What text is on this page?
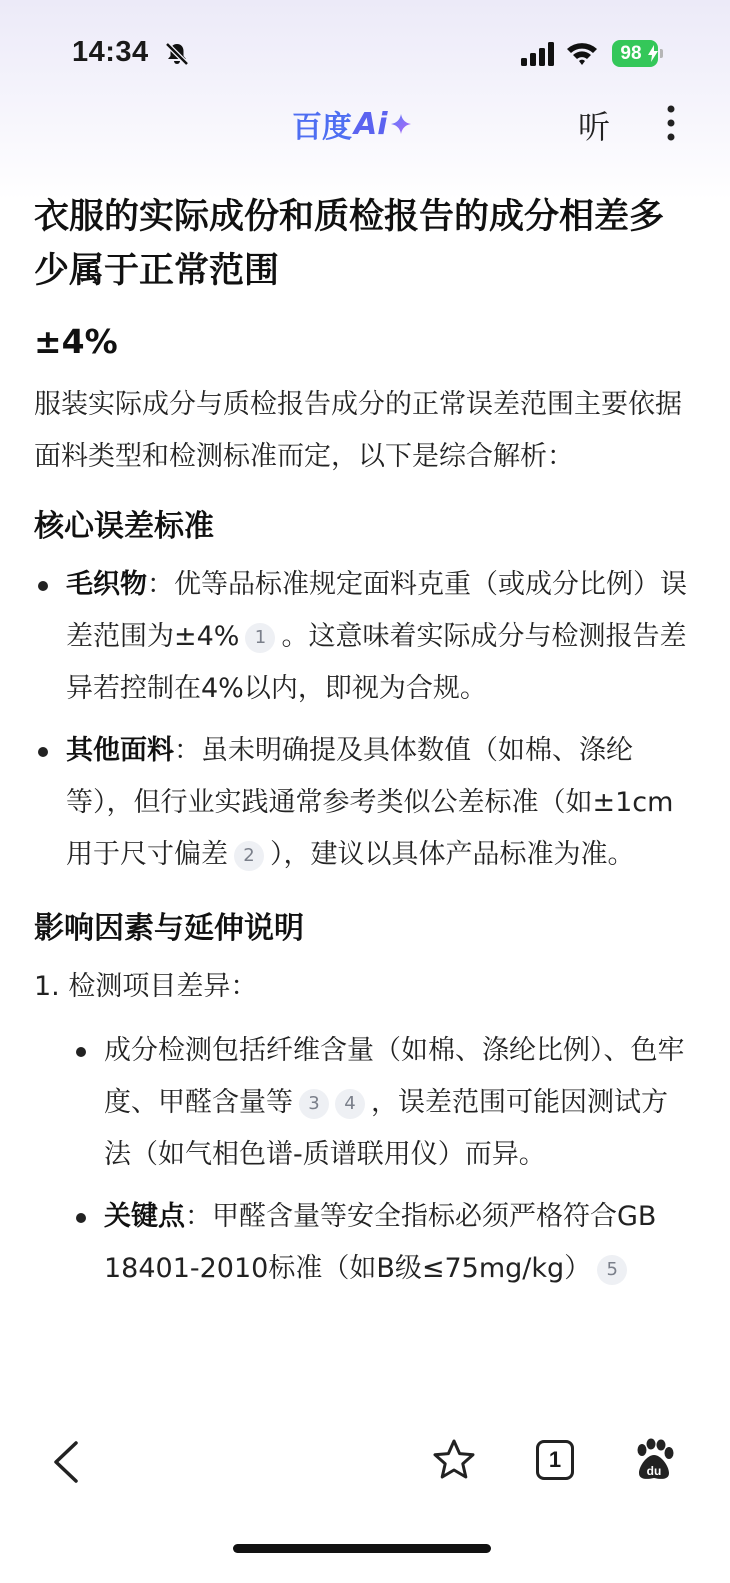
14:34	98
百度 Ai	听
衣服的实际成份和质检报告的成分相差多少属于正常范围
±4%
服装实际成分与质检报告成分的正常误差范围主要依据面料类型和检测标准而定，以下是综合解析：
核心误差标准
毛织物：优等品标准规定面料克重（或成分比例）误差范围为±4% 1 。这意味着实际成分与检测报告差异若控制在4%以内，即视为合规。
其他面料：虽未明确提及具体数值（如棉、涤纶等），但行业实践通常参考类似公差标准（如±1cm用于尺寸偏差 2 ），建议以具体产品标准为准。
影响因素与延伸说明
1. 检测项目差异：
成分检测包括纤维含量（如棉、涤纶比例）、色牢度、甲醛含量等 3 4 ，误差范围可能因测试方法（如气相色谱-质谱联用仪）而异。
关键点：甲醛含量等安全指标必须严格符合GB 18401-2010标准（如B级≤75mg/kg） 5
1	du
